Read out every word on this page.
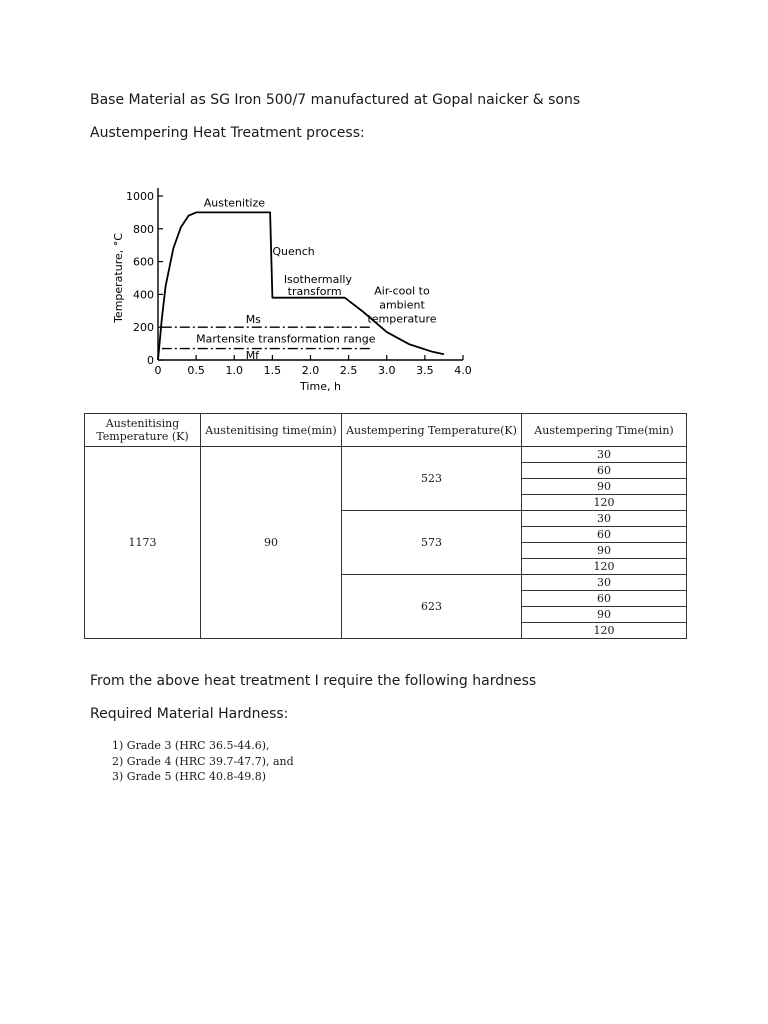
Base Material as SG Iron 500/7 manufactured at Gopal naicker & sons
Austempering Heat Treatment process:
0
200
400
600
800
1000
0 0.5 1.0 1.5 2.0 2.5 3.0 3.5 4.0
Time, h
Temperature, °C
Austenitize
Quench
Isothermally
transform	Air-cool to
ambient
temperature
Ms
Mf
Martensite transformation range
Austenitising Temperature (K)	Austenitising time(min)	Austempering Temperature(K)	Austempering Time(min)
1173	90	523	30
			60
			90
			120
		573	30
			60
			90
			120
		623	30
			60
			90
			120
From the above heat treatment I require the following hardness
Required Material Hardness:
1) Grade 3 (HRC 36.5-44.6),
2) Grade 4 (HRC 39.7-47.7), and
3) Grade 5 (HRC 40.8-49.8)
